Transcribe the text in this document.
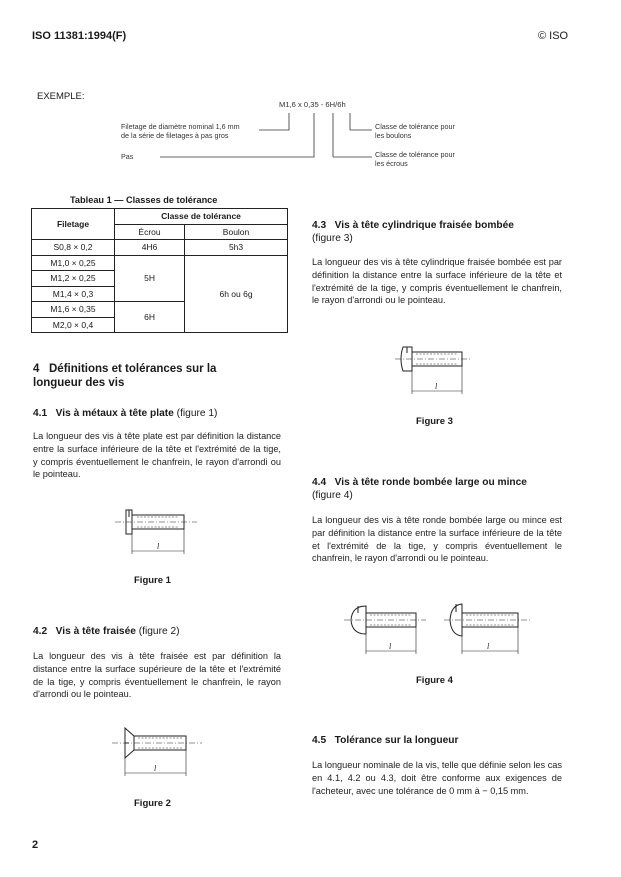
ISO 11381:1994(F)	© ISO
EXEMPLE:
M1,6 x 0,35 - 6H/6h
Filetage de diamètre nominal 1,6 mm
de la série de filetages à pas gros
Pas
Classe de tolérance pour
les boulons
Classe de tolérance pour
les écrous
Tableau 1 — Classes de tolérance
Filetage	Classe de tolérance	
	Écrou	Boulon
S0,8 × 0,2	4H6	5h3
M1,0 × 0,25	5H	6h ou 6g
M1,2 × 0,25		
M1,4 × 0,3		
M1,6 × 0,35	6H	
M2,0 × 0,4		
4 Définitions et tolérances sur la longueur des vis
4.1 Vis à métaux à tête plate (figure 1)

La longueur des vis à tête plate est par définition la distance entre la surface inférieure de la tête et l'extrémité de la tige, y compris éventuellement le chanfrein, le rayon d'arrondi ou le pointeau.

l
Figure 1
4.2 Vis à tête fraisée (figure 2)

La longueur des vis à tête fraisée est par définition la distance entre la surface supérieure de la tête et l'extrémité de la tige, y compris éventuellement le chanfrein, le rayon d'arrondi ou le pointeau.

l
Figure 2
4.3 Vis à tête cylindrique fraisée bombée
(figure 3)

La longueur des vis à tête cylindrique fraisée bombée est par définition la distance entre la surface inférieure de la tête et l'extrémité de la tige, y compris éventuellement le chanfrein, le rayon d'arrondi ou le pointeau.

l
Figure 3
4.4 Vis à tête ronde bombée large ou mince
(figure 4)

La longueur des vis à tête ronde bombée large ou mince est par définition la distance entre la surface inférieure de la tête et l'extrémité de la tige, y compris éventuellement le chanfrein, le rayon d'arrondi ou le pointeau.

l	l
Figure 4
4.5 Tolérance sur la longueur

La longueur nominale de la vis, telle que définie selon les cas en 4.1, 4.2 ou 4.3, doit être conforme aux exigences de l'acheteur, avec une tolérance de 0 mm à − 0,15 mm.

2
